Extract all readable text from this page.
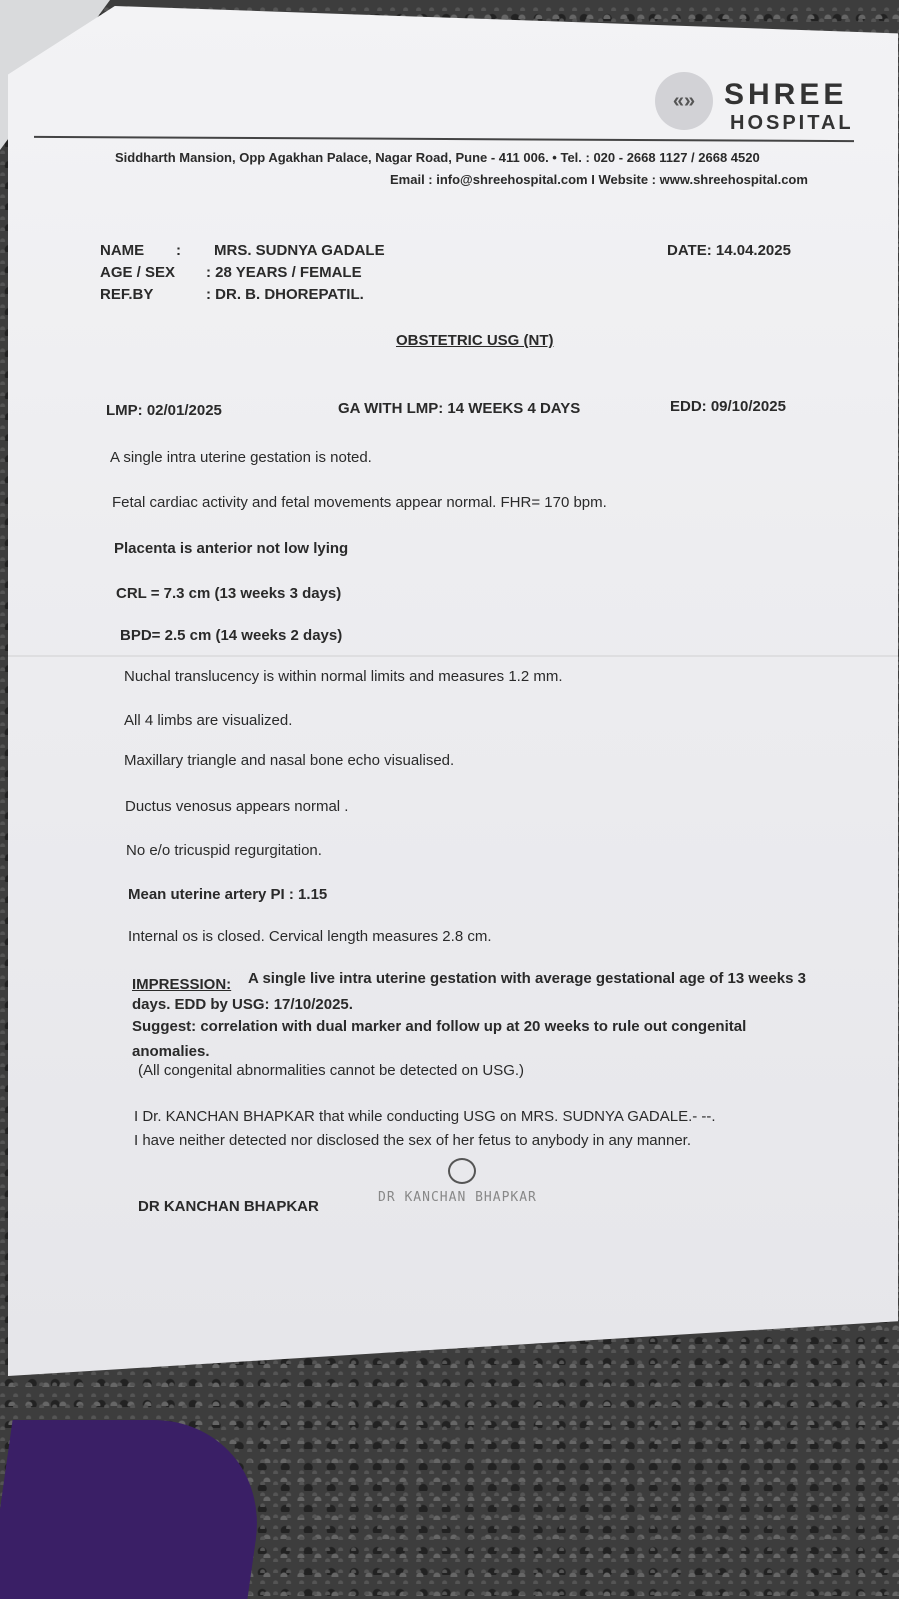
«» SHREE
HOSPITAL
Siddharth Mansion, Opp Agakhan Palace, Nagar Road, Pune - 411 006. • Tel. : 020 - 2668 1127 / 2668 4520
Email : info@shreehospital.com I Website : www.shreehospital.com
NAME : MRS. SUDNYA GADALE	DATE: 14.04.2025
AGE / SEX : 28 YEARS / FEMALE
REF.BY	: DR. B. DHOREPATIL.
OBSTETRIC USG (NT)
LMP: 02/01/2025	GA WITH LMP: 14 WEEKS 4 DAYS	EDD: 09/10/2025
A single intra uterine gestation is noted.
Fetal cardiac activity and fetal movements appear normal. FHR= 170 bpm.
Placenta is anterior not low lying
CRL = 7.3 cm (13 weeks 3 days)
BPD= 2.5 cm (14 weeks 2 days)
Nuchal translucency is within normal limits and measures 1.2 mm.
All 4 limbs are visualized.
Maxillary triangle and nasal bone echo visualised.
Ductus venosus appears normal .
No e/o tricuspid regurgitation.
Mean uterine artery PI : 1.15
Internal os is closed. Cervical length measures 2.8 cm.
IMPRESSION: A single live intra uterine gestation with average gestational age of 13 weeks 3
days. EDD by USG: 17/10/2025.
Suggest: correlation with dual marker and follow up at 20 weeks to rule out congenital
anomalies.
(All congenital abnormalities cannot be detected on USG.)
I Dr. KANCHAN BHAPKAR that while conducting USG on MRS. SUDNYA GADALE.- --.
I have neither detected nor disclosed the sex of her fetus to anybody in any manner.
DR KANCHAN BHAPKAR
DR KANCHAN BHAPKAR
